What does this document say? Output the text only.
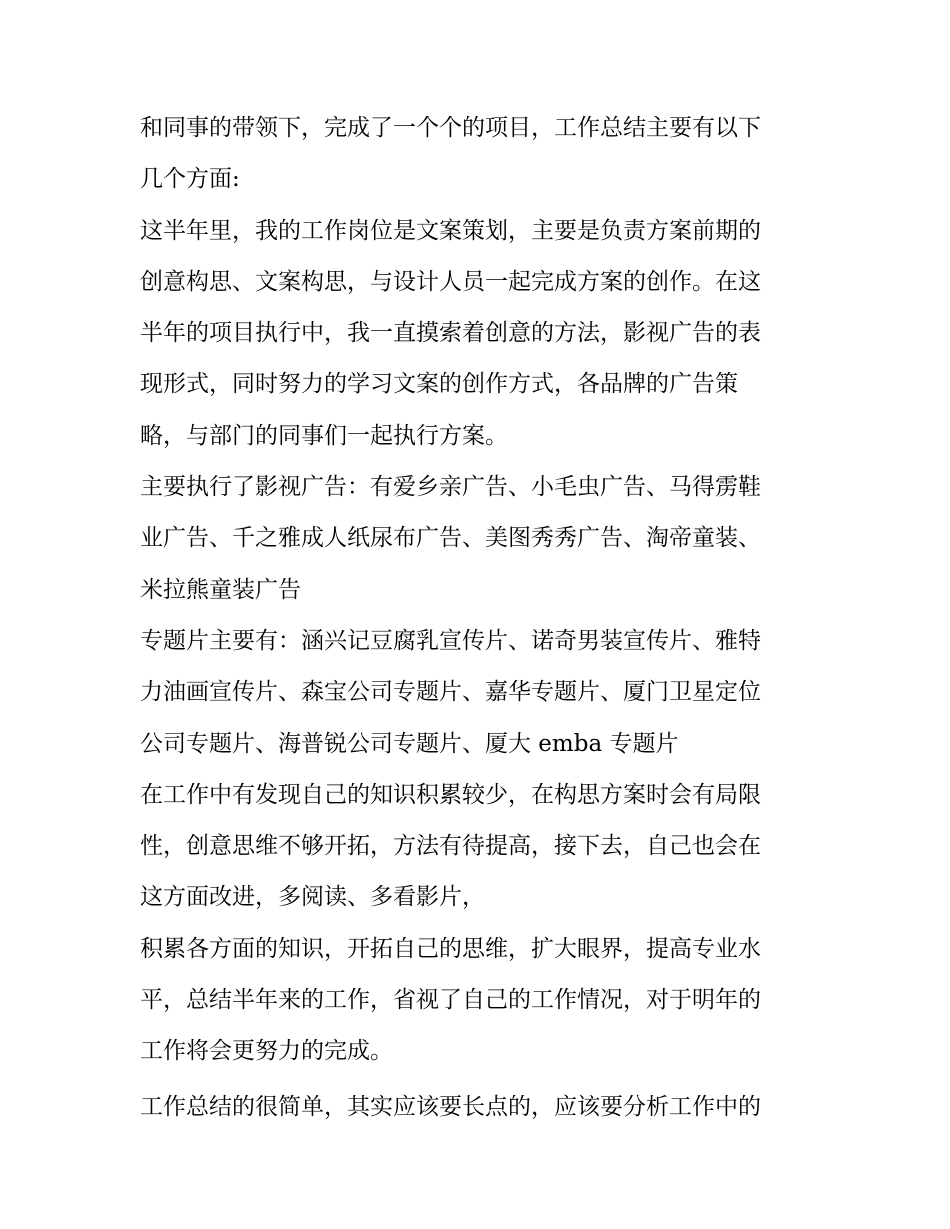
和同事的带领下，完成了一个个的项目，工作总结主要有以下
几个方面:

这半年里，我的工作岗位是文案策划，主要是负责方案前期的
创意构思、文案构思，与设计人员一起完成方案的创作。在这
半年的项目执行中，我一直摸索着创意的方法，影视广告的表
现形式，同时努力的学习文案的创作方式，各品牌的广告策
略，与部门的同事们一起执行方案。

主要执行了影视广告：有爱乡亲广告、小毛虫广告、马得雳鞋
业广告、千之雅成人纸尿布广告、美图秀秀广告、淘帝童装、
米拉熊童装广告

专题片主要有：涵兴记豆腐乳宣传片、诺奇男装宣传片、雅特
力油画宣传片、森宝公司专题片、嘉华专题片、厦门卫星定位
公司专题片、海普锐公司专题片、厦大 emba 专题片

在工作中有发现自己的知识积累较少，在构思方案时会有局限
性，创意思维不够开拓，方法有待提高，接下去，自己也会在
这方面改进，多阅读、多看影片，

积累各方面的知识，开拓自己的思维，扩大眼界，提高专业水
平，总结半年来的工作，省视了自己的工作情况，对于明年的
工作将会更努力的完成。

工作总结的很简单，其实应该要长点的，应该要分析工作中的
